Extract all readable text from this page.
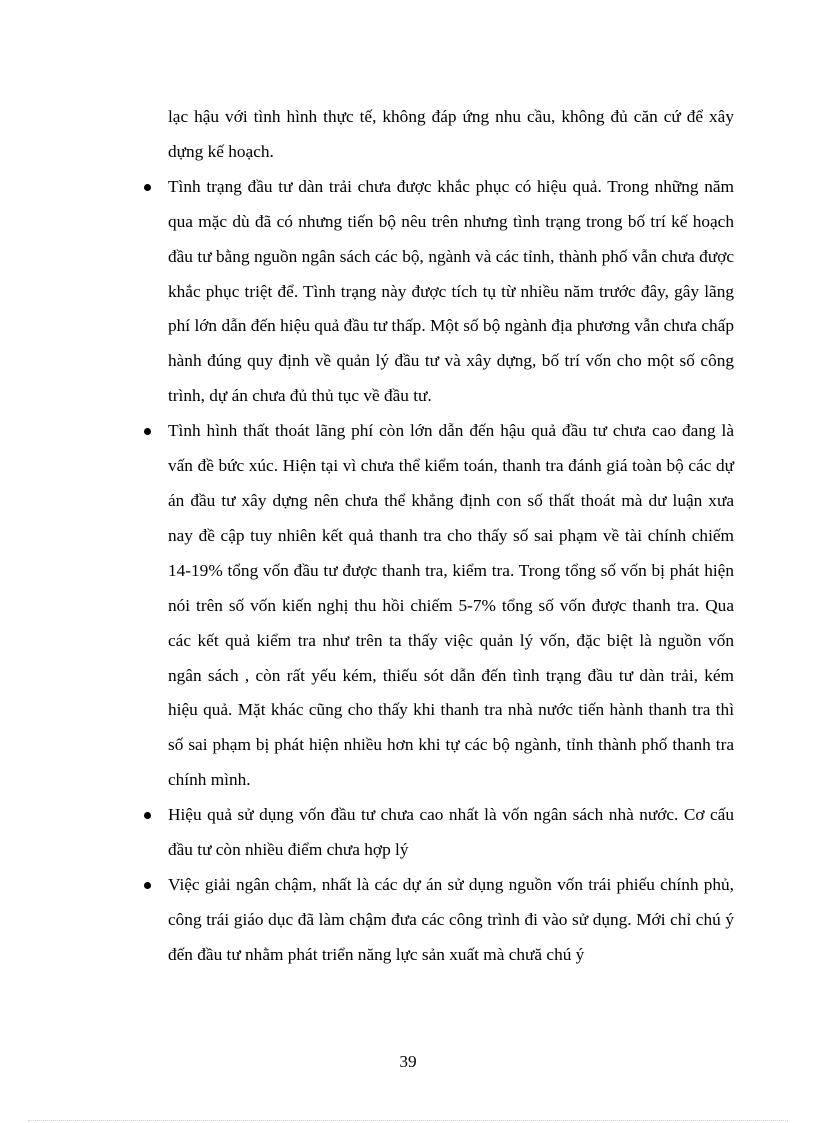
lạc hậu với tình hình thực tế, không đáp ứng nhu cầu, không đủ căn cứ để xây dựng kế hoạch.

Tình trạng đầu tư dàn trải chưa được khắc phục có hiệu quả. Trong những năm qua mặc dù đã có nhưng tiến bộ nêu trên nhưng tình trạng trong bố trí kế hoạch đầu tư bằng nguồn ngân sách các bộ, ngành và các tỉnh, thành phố vẫn chưa được khắc phục triệt để. Tình trạng này được tích tụ từ nhiều năm trước đây, gây lãng phí lớn dẫn đến hiệu quả đầu tư thấp. Một số bộ ngành địa phương vẫn chưa chấp hành đúng quy định về quản lý đầu tư và xây dựng, bố trí vốn cho một số công trình, dự án chưa đủ thủ tục về đầu tư.

Tình hình thất thoát lãng phí còn lớn dẫn đến hậu quả đầu tư chưa cao đang là vấn đề bức xúc. Hiện tại vì chưa thể kiểm toán, thanh tra đánh giá toàn bộ các dự án đầu tư xây dựng nên chưa thể khẳng định con số thất thoát mà dư luận xưa nay đề cập tuy nhiên kết quả thanh tra cho thấy số sai phạm về tài chính chiếm 14-19% tổng vốn đầu tư được thanh tra, kiểm tra. Trong tổng số vốn bị phát hiện nói trên số vốn kiến nghị thu hồi chiếm 5-7% tổng số vốn được thanh tra. Qua các kết quả kiểm tra như trên ta thấy việc quản lý vốn, đặc biệt là nguồn vốn ngân sách , còn rất yếu kém, thiếu sót dẫn đến tình trạng đầu tư dàn trải, kém hiệu quả. Mặt khác cũng cho thấy khi thanh tra nhà nước tiến hành thanh tra thì số sai phạm bị phát hiện nhiều hơn khi tự các bộ ngành, tỉnh thành phố thanh tra chính mình.

Hiệu quả sử dụng vốn đầu tư chưa cao nhất là vốn ngân sách nhà nước. Cơ cấu đầu tư còn nhiều điểm chưa hợp lý

Việc giải ngân chậm, nhất là các dự án sử dụng nguồn vốn trái phiếu chính phủ, công trái giáo dục đã làm chậm đưa các công trình đi vào sử dụng. Mới chỉ chú ý đến đầu tư nhằm phát triển năng lực sản xuất mà chưă chú ý

39
